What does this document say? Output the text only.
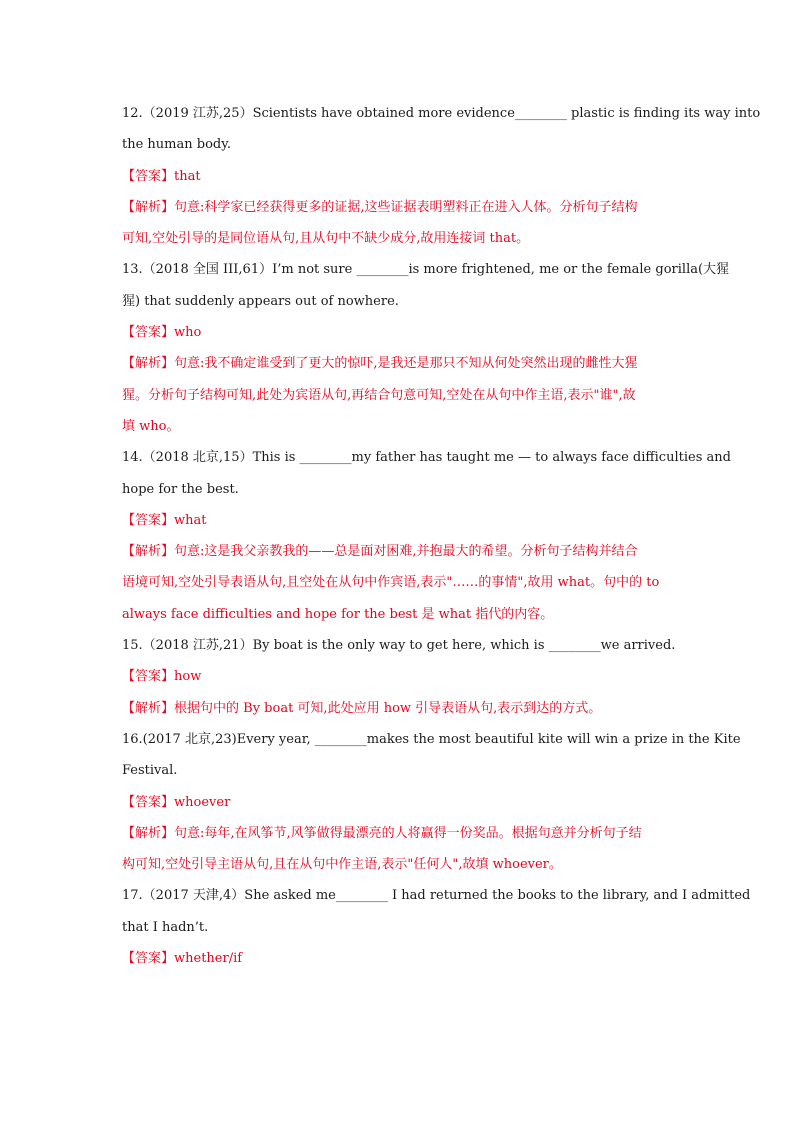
12.（2019 江苏,25）Scientists have obtained more evidence________ plastic is finding its way into
the human body.
【答案】that
【解析】句意:科学家已经获得更多的证据,这些证据表明塑料正在进入人体。分析句子结构
可知,空处引导的是同位语从句,且从句中不缺少成分,故用连接词 that。
13.（2018 全国 III,61）I’m not sure ________is more frightened, me or the female gorilla(大猩
猩) that suddenly appears out of nowhere.
【答案】who
【解析】句意:我不确定谁受到了更大的惊吓,是我还是那只不知从何处突然出现的雌性大猩
猩。分析句子结构可知,此处为宾语从句,再结合句意可知,空处在从句中作主语,表示"谁",故
填 who。
14.（2018 北京,15）This is ________my father has taught me — to always face difficulties and
hope for the best.
【答案】what
【解析】句意:这是我父亲教我的——总是面对困难,并抱最大的希望。分析句子结构并结合
语境可知,空处引导表语从句,且空处在从句中作宾语,表示"……的事情",故用 what。句中的 to
always face difficulties and hope for the best 是 what 指代的内容。
15.（2018 江苏,21）By boat is the only way to get here, which is ________we arrived.
【答案】how
【解析】根据句中的 By boat 可知,此处应用 how 引导表语从句,表示到达的方式。
16.(2017 北京,23)Every year, ________makes the most beautiful kite will win a prize in the Kite
Festival.
【答案】whoever
【解析】句意:每年,在风筝节,风筝做得最漂亮的人将赢得一份奖品。根据句意并分析句子结
构可知,空处引导主语从句,且在从句中作主语,表示"任何人",故填 whoever。
17.（2017 天津,4）She asked me________ I had returned the books to the library, and I admitted
that I hadn’t.
【答案】whether/if
